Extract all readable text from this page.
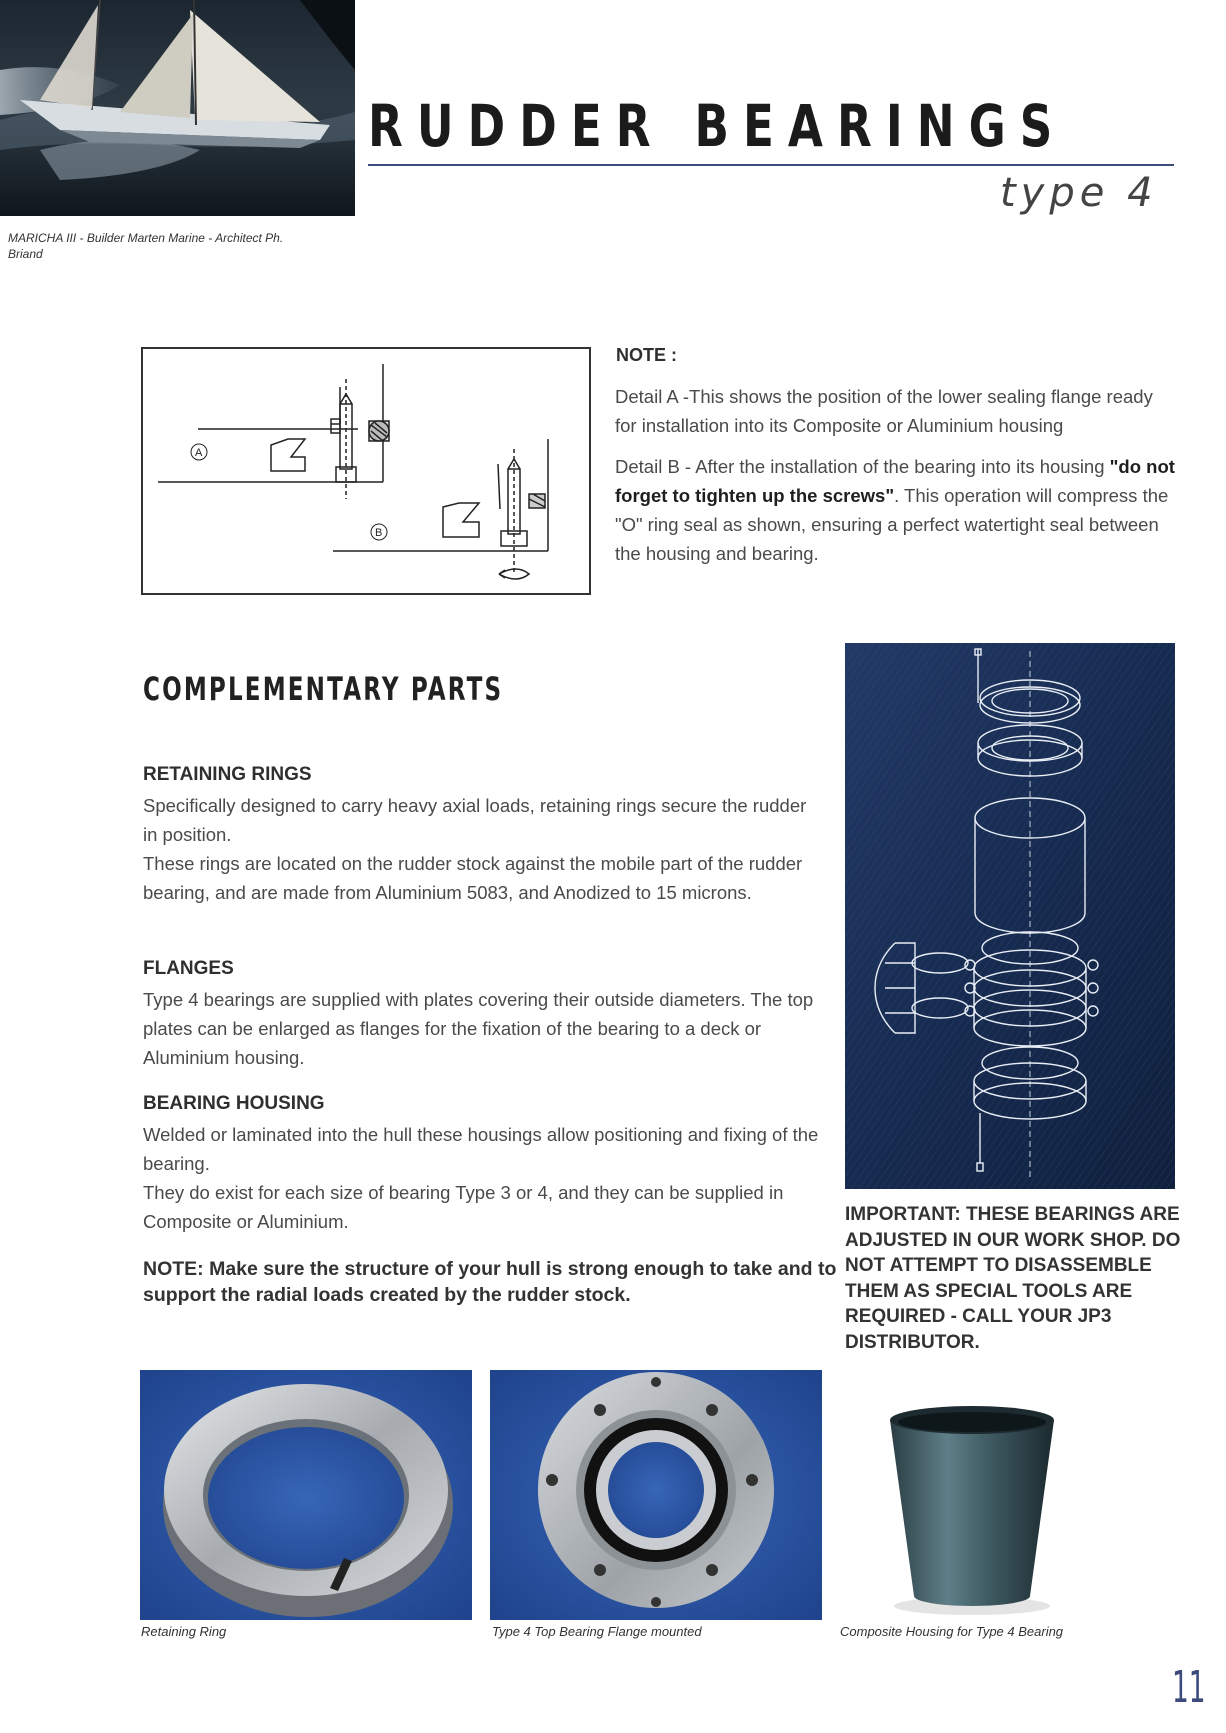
RUDDER BEARINGS
type 4
MARICHA III - Builder Marten Marine - Architect Ph. Briand
A
B
NOTE :
Detail A -This shows the position of the lower sealing flange ready for installation into its Composite or Aluminium housing
Detail B - After the installation of the bearing into its housing "do not forget to tighten up the screws". This operation will compress the "O" ring seal as shown, ensuring a perfect watertight seal between the housing and bearing.
COMPLEMENTARY PARTS
RETAINING RINGS
Specifically designed to carry heavy axial loads, retaining rings secure the rudder in position.
These rings are located on the rudder stock against the mobile part of the rudder bearing, and are made from Aluminium 5083, and Anodized to 15 microns.
FLANGES
Type 4 bearings are supplied with plates covering their outside diameters. The top plates can be enlarged as flanges for the fixation of the bearing to a deck or Aluminium housing.
BEARING HOUSING
Welded or laminated into the hull these housings allow positioning and fixing of the bearing.
They do exist for each size of bearing Type 3 or 4, and they can be supplied in Composite or Aluminium.
NOTE: Make sure the structure of your hull is strong enough to take and to support the radial loads created by the rudder stock.
IMPORTANT: THESE BEARINGS ARE ADJUSTED IN OUR WORK SHOP. DO NOT ATTEMPT TO DISASSEMBLE THEM AS SPECIAL TOOLS ARE REQUIRED - CALL YOUR JP3 DISTRIBUTOR.
Retaining Ring	Type 4 Top Bearing Flange mounted	Composite Housing for Type 4 Bearing
11
